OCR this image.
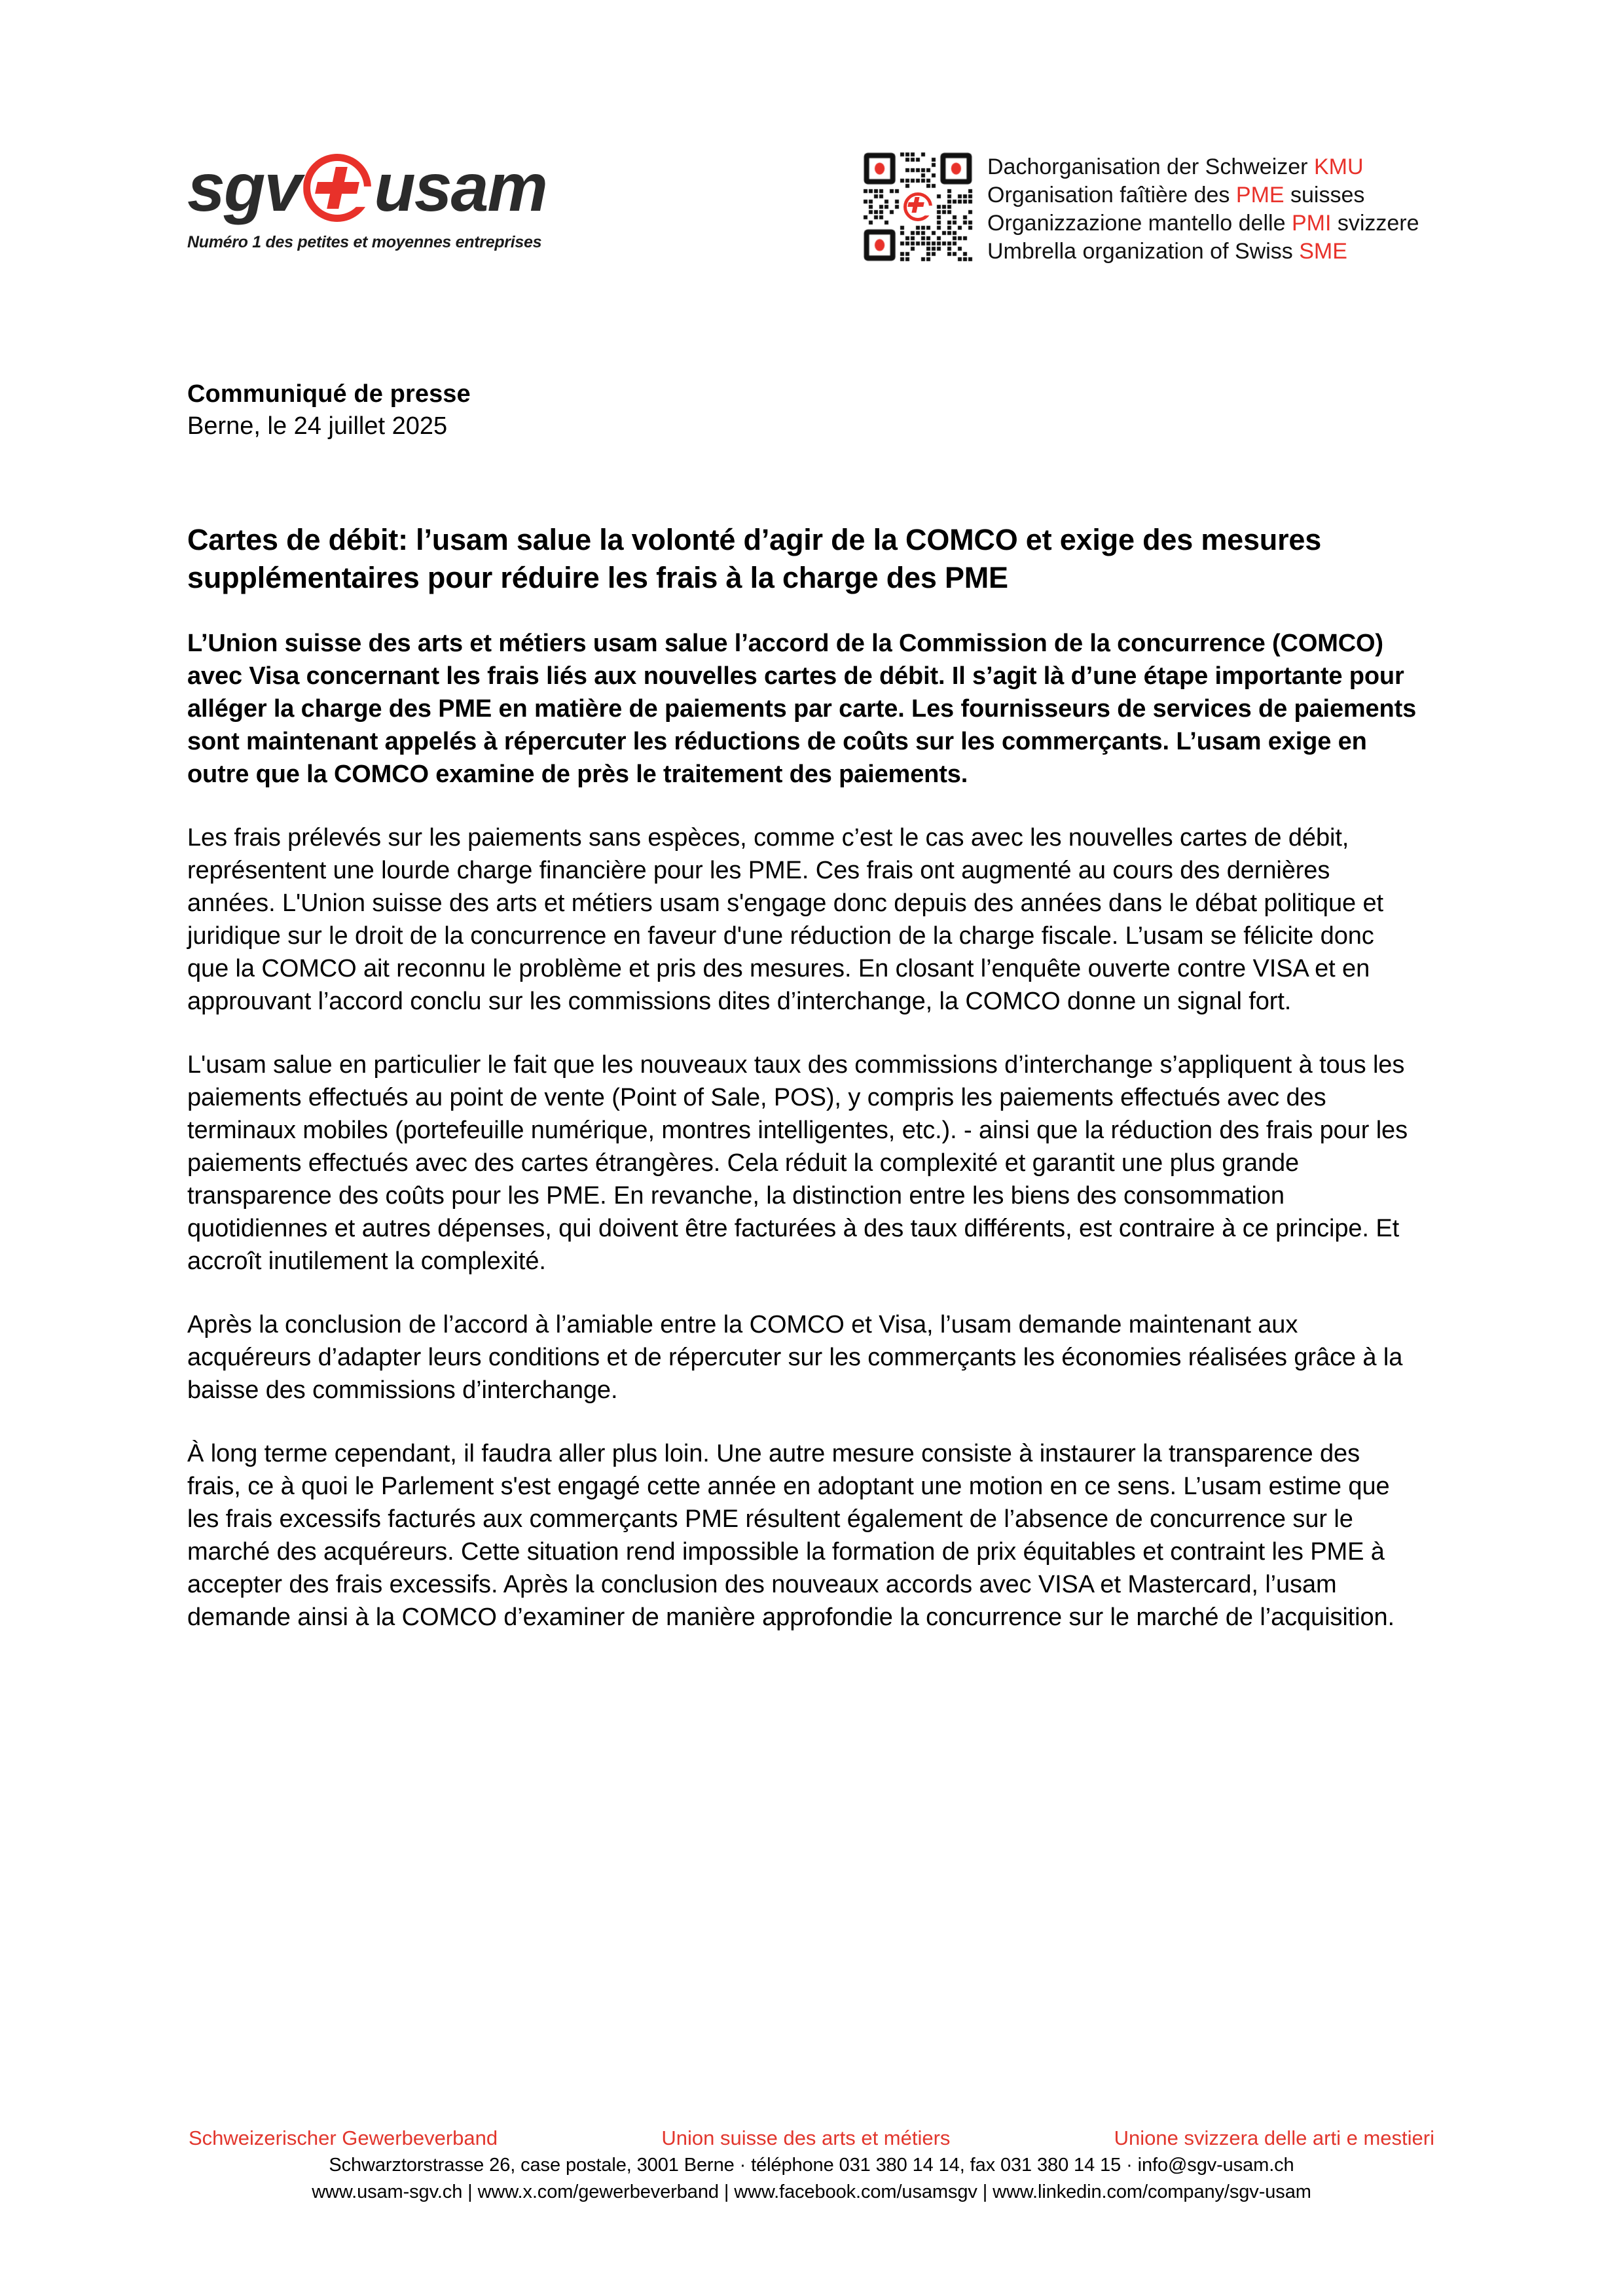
sgv usam
Numéro 1 des petites et moyennes entreprises
Dachorganisation der Schweizer KMU
Organisation faîtière des PME suisses
Organizzazione mantello delle PMI svizzere
Umbrella organization of Swiss SME
Communiqué de presse
Berne, le 24 juillet 2025
Cartes de débit: l’usam salue la volonté d’agir de la COMCO et exige des mesures supplémentaires pour réduire les frais à la charge des PME

L’Union suisse des arts et métiers usam salue l’accord de la Commission de la concurrence (COMCO) avec Visa concernant les frais liés aux nouvelles cartes de débit. Il s’agit là d’une étape importante pour alléger la charge des PME en matière de paiements par carte. Les fournisseurs de services de paiements sont maintenant appelés à répercuter les réductions de coûts sur les commerçants. L’usam exige en outre que la COMCO examine de près le traitement des paiements.

Les frais prélevés sur les paiements sans espèces, comme c’est le cas avec les nouvelles cartes de débit, représentent une lourde charge financière pour les PME. Ces frais ont augmenté au cours des dernières années. L'Union suisse des arts et métiers usam s'engage donc depuis des années dans le débat politique et juridique sur le droit de la concurrence en faveur d'une réduction de la charge fiscale. L’usam se félicite donc que la COMCO ait reconnu le problème et pris des mesures. En closant l’enquête ouverte contre VISA et en approuvant l’accord conclu sur les commissions dites d’interchange, la COMCO donne un signal fort.

L'usam salue en particulier le fait que les nouveaux taux des commissions d’interchange s’appliquent à tous les paiements effectués au point de vente (Point of Sale, POS), y compris les paiements effectués avec des terminaux mobiles (portefeuille numérique, montres intelligentes, etc.). - ainsi que la réduction des frais pour les paiements effectués avec des cartes étrangères. Cela réduit la complexité et garantit une plus grande transparence des coûts pour les PME. En revanche, la distinction entre les biens des consommation quotidiennes et autres dépenses, qui doivent être facturées à des taux différents, est contraire à ce principe. Et accroît inutilement la complexité.

Après la conclusion de l’accord à l’amiable entre la COMCO et Visa, l’usam demande maintenant aux acquéreurs d’adapter leurs conditions et de répercuter sur les commerçants les économies réalisées grâce à la baisse des commissions d’interchange.

À long terme cependant, il faudra aller plus loin. Une autre mesure consiste à instaurer la transparence des frais, ce à quoi le Parlement s'est engagé cette année en adoptant une motion en ce sens. L’usam estime que les frais excessifs facturés aux commerçants PME résultent également de l’absence de concurrence sur le marché des acquéreurs. Cette situation rend impossible la formation de prix équitables et contraint les PME à accepter des frais excessifs. Après la conclusion des nouveaux accords avec VISA et Mastercard, l’usam demande ainsi à la COMCO d’examiner de manière approfondie la concurrence sur le marché de l’acquisition.

Schweizerischer Gewerbeverband	Union suisse des arts et métiers	Unione svizzera delle arti e mestieri
Schwarztorstrasse 26, case postale, 3001 Berne · téléphone 031 380 14 14, fax 031 380 14 15 · info@sgv-usam.ch
www.usam-sgv.ch | www.x.com/gewerbeverband | www.facebook.com/usamsgv | www.linkedin.com/company/sgv-usam
